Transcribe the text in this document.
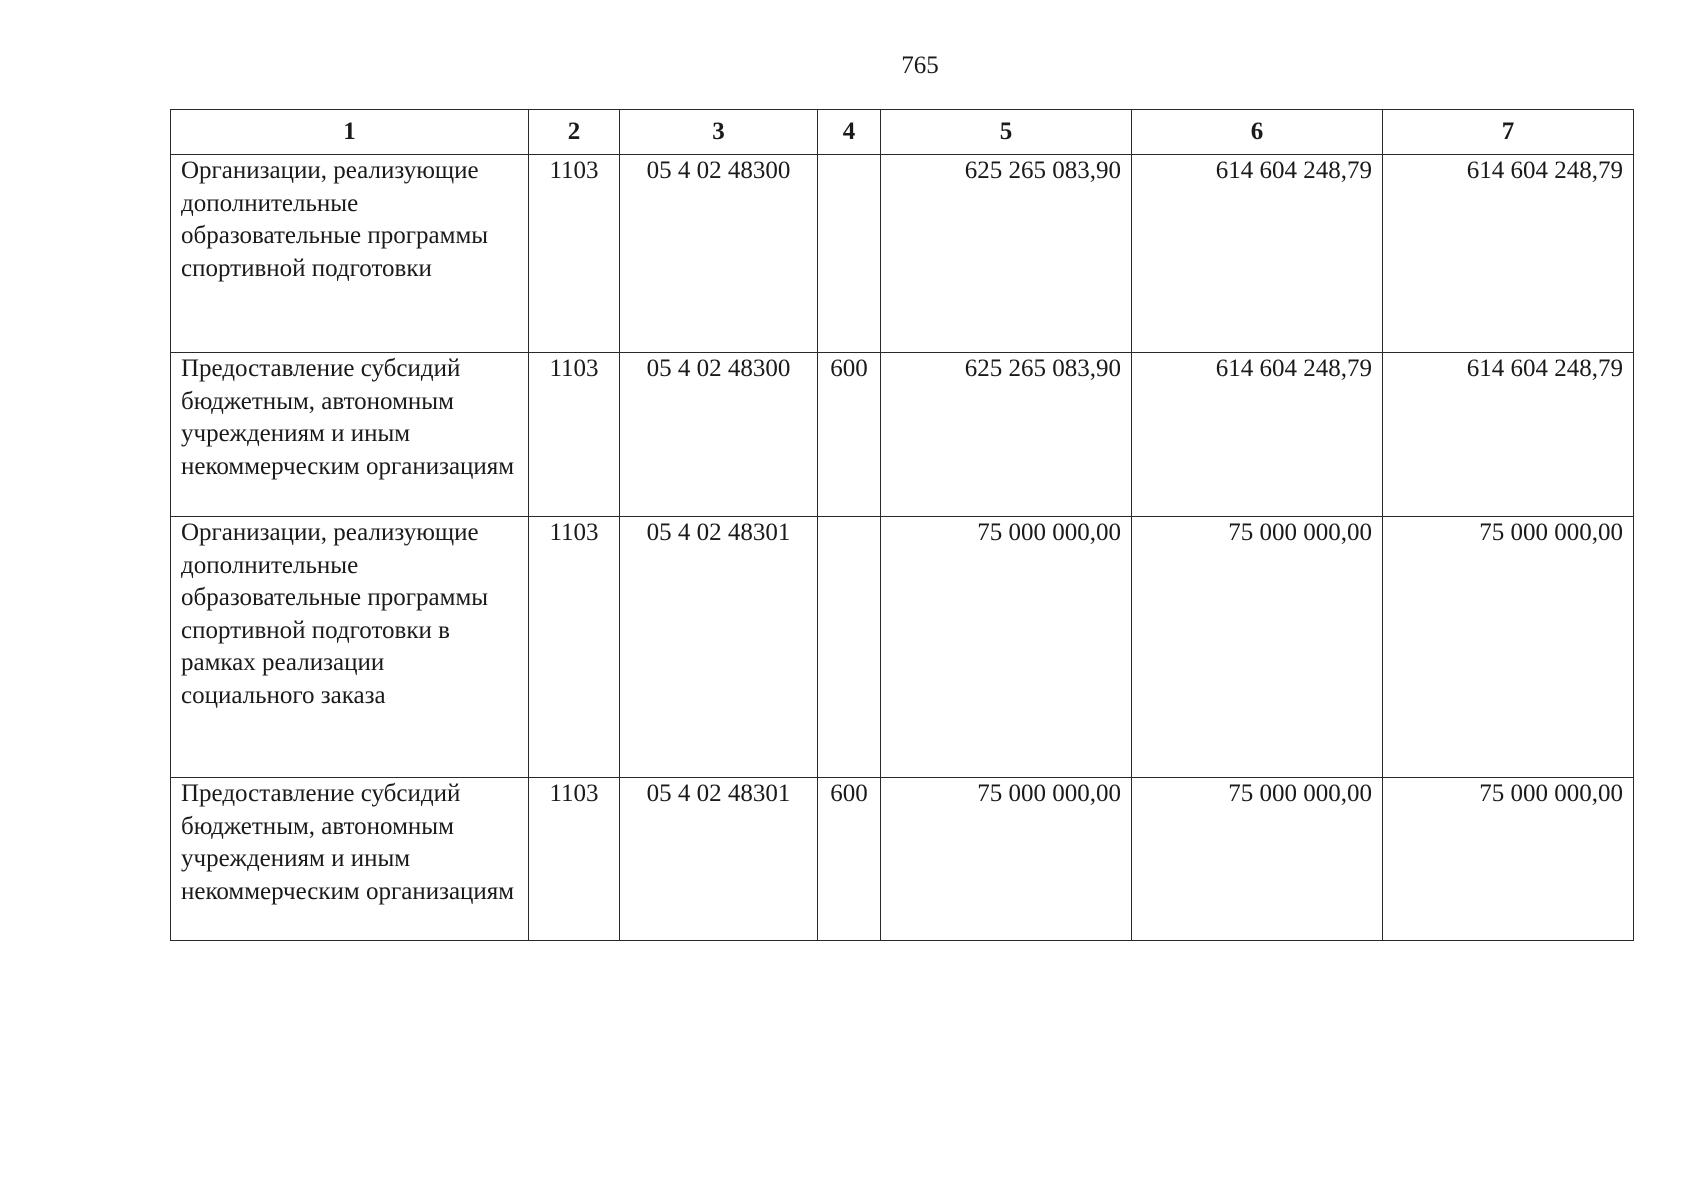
765
1	2	3	4	5	6	7
Организации, реализующие дополнительные образовательные программы спортивной подготовки	1103	05 4 02 48300		625 265 083,90	614 604 248,79	614 604 248,79
Предоставление субсидий бюджетным, автономным учреждениям и иным некоммерческим организациям	1103	05 4 02 48300	600	625 265 083,90	614 604 248,79	614 604 248,79
Организации, реализующие дополнительные образовательные программы спортивной подготовки в рамках реализации социального заказа	1103	05 4 02 48301		75 000 000,00	75 000 000,00	75 000 000,00
Предоставление субсидий бюджетным, автономным учреждениям и иным некоммерческим организациям	1103	05 4 02 48301	600	75 000 000,00	75 000 000,00	75 000 000,00
